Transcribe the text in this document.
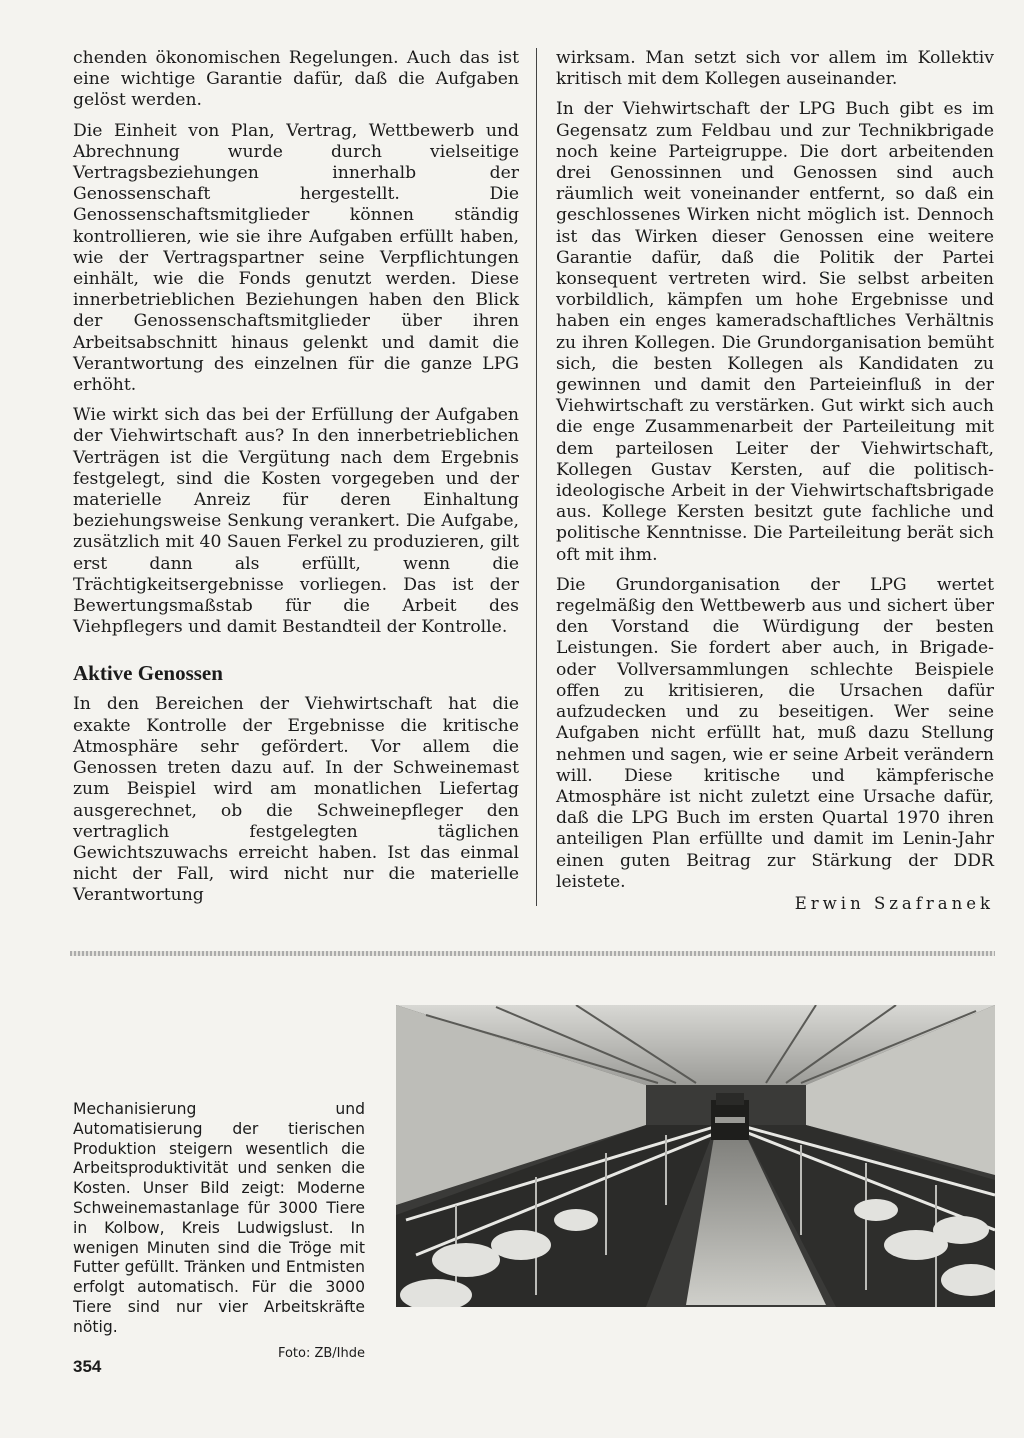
chenden ökonomischen Regelungen. Auch das ist eine wichtige Garantie dafür, daß die Aufgaben gelöst werden.

Die Einheit von Plan, Vertrag, Wettbewerb und Abrechnung wurde durch vielseitige Vertragsbeziehungen innerhalb der Genossenschaft hergestellt. Die Genossenschaftsmitglieder können ständig kontrollieren, wie sie ihre Aufgaben erfüllt haben, wie der Vertragspartner seine Verpflichtungen einhält, wie die Fonds genutzt werden. Diese innerbetrieblichen Beziehungen haben den Blick der Genossenschaftsmitglieder über ihren Arbeitsabschnitt hinaus gelenkt und damit die Verantwortung des einzelnen für die ganze LPG erhöht.

Wie wirkt sich das bei der Erfüllung der Aufgaben der Viehwirtschaft aus? In den innerbetrieblichen Verträgen ist die Vergütung nach dem Ergebnis festgelegt, sind die Kosten vorgegeben und der materielle Anreiz für deren Einhaltung beziehungsweise Senkung verankert. Die Aufgabe, zusätzlich mit 40 Sauen Ferkel zu produzieren, gilt erst dann als erfüllt, wenn die Trächtigkeitsergebnisse vorliegen. Das ist der Bewertungsmaßstab für die Arbeit des Viehpflegers und damit Bestandteil der Kontrolle.

Aktive Genossen

In den Bereichen der Viehwirtschaft hat die exakte Kontrolle der Ergebnisse die kritische Atmosphäre sehr gefördert. Vor allem die Genossen treten dazu auf. In der Schweinemast zum Beispiel wird am monatlichen Liefertag ausgerechnet, ob die Schweinepfleger den vertraglich festgelegten täglichen Gewichtszuwachs erreicht haben. Ist das einmal nicht der Fall, wird nicht nur die materielle Verantwortung

wirksam. Man setzt sich vor allem im Kollektiv kritisch mit dem Kollegen auseinander.

In der Viehwirtschaft der LPG Buch gibt es im Gegensatz zum Feldbau und zur Technikbrigade noch keine Parteigruppe. Die dort arbeitenden drei Genossinnen und Genossen sind auch räumlich weit voneinander entfernt, so daß ein geschlossenes Wirken nicht möglich ist. Dennoch ist das Wirken dieser Genossen eine weitere Garantie dafür, daß die Politik der Partei konsequent vertreten wird. Sie selbst arbeiten vorbildlich, kämpfen um hohe Ergebnisse und haben ein enges kameradschaftliches Verhältnis zu ihren Kollegen. Die Grundorganisation bemüht sich, die besten Kollegen als Kandidaten zu gewinnen und damit den Parteieinfluß in der Viehwirtschaft zu verstärken. Gut wirkt sich auch die enge Zusammenarbeit der Parteileitung mit dem parteilosen Leiter der Viehwirtschaft, Kollegen Gustav Kersten, auf die politisch-ideologische Arbeit in der Viehwirtschaftsbrigade aus. Kollege Kersten besitzt gute fachliche und politische Kenntnisse. Die Parteileitung berät sich oft mit ihm.

Die Grundorganisation der LPG wertet regelmäßig den Wettbewerb aus und sichert über den Vorstand die Würdigung der besten Leistungen. Sie fordert aber auch, in Brigade- oder Vollversammlungen schlechte Beispiele offen zu kritisieren, die Ursachen dafür aufzudecken und zu beseitigen. Wer seine Aufgaben nicht erfüllt hat, muß dazu Stellung nehmen und sagen, wie er seine Arbeit verändern will. Diese kritische und kämpferische Atmosphäre ist nicht zuletzt eine Ursache dafür, daß die LPG Buch im ersten Quartal 1970 ihren anteiligen Plan erfüllte und damit im Lenin-Jahr einen guten Beitrag zur Stärkung der DDR leistete.

Erwin Szafranek
Mechanisierung und Automatisierung der tierischen Produktion steigern wesentlich die Arbeitsproduktivität und senken die Kosten. Unser Bild zeigt: Moderne Schweinemastanlage für 3000 Tiere in Kolbow, Kreis Ludwigslust. In wenigen Minuten sind die Tröge mit Futter gefüllt. Tränken und Entmisten erfolgt automatisch. Für die 3000 Tiere sind nur vier Arbeitskräfte nötig.
Foto: ZB/Ihde
354
